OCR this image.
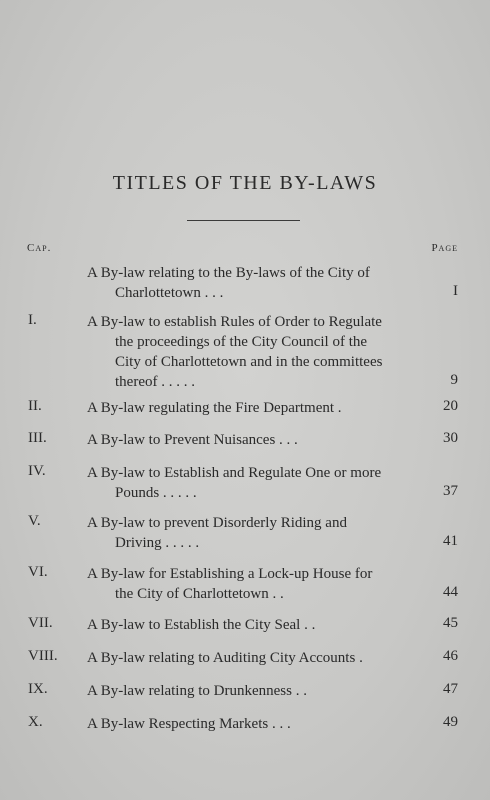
TITLES OF THE BY-LAWS
Cap.	Page
A By-law relating to the By-laws of the City of
Charlottetown . . .	I
I.	A By-law to establish Rules of Order to Regulate
the proceedings of the City Council of the
City of Charlottetown and in the committees
thereof . . . . .	9
II.	A By-law regulating the Fire Department .	20
III.	A By-law to Prevent Nuisances . . .	30
IV.	A By-law to Establish and Regulate One or more
Pounds . . . . .	37
V.	A By-law to prevent Disorderly Riding and
Driving . . . . .	41
VI.	A By-law for Establishing a Lock-up House for
the City of Charlottetown . .	44
VII. A By-law to Establish the City Seal . .	45
VIII. A By-law relating to Auditing City Accounts .	46
IX.	A By-law relating to Drunkenness . .	47
X.	A By-law Respecting Markets . . .	49
